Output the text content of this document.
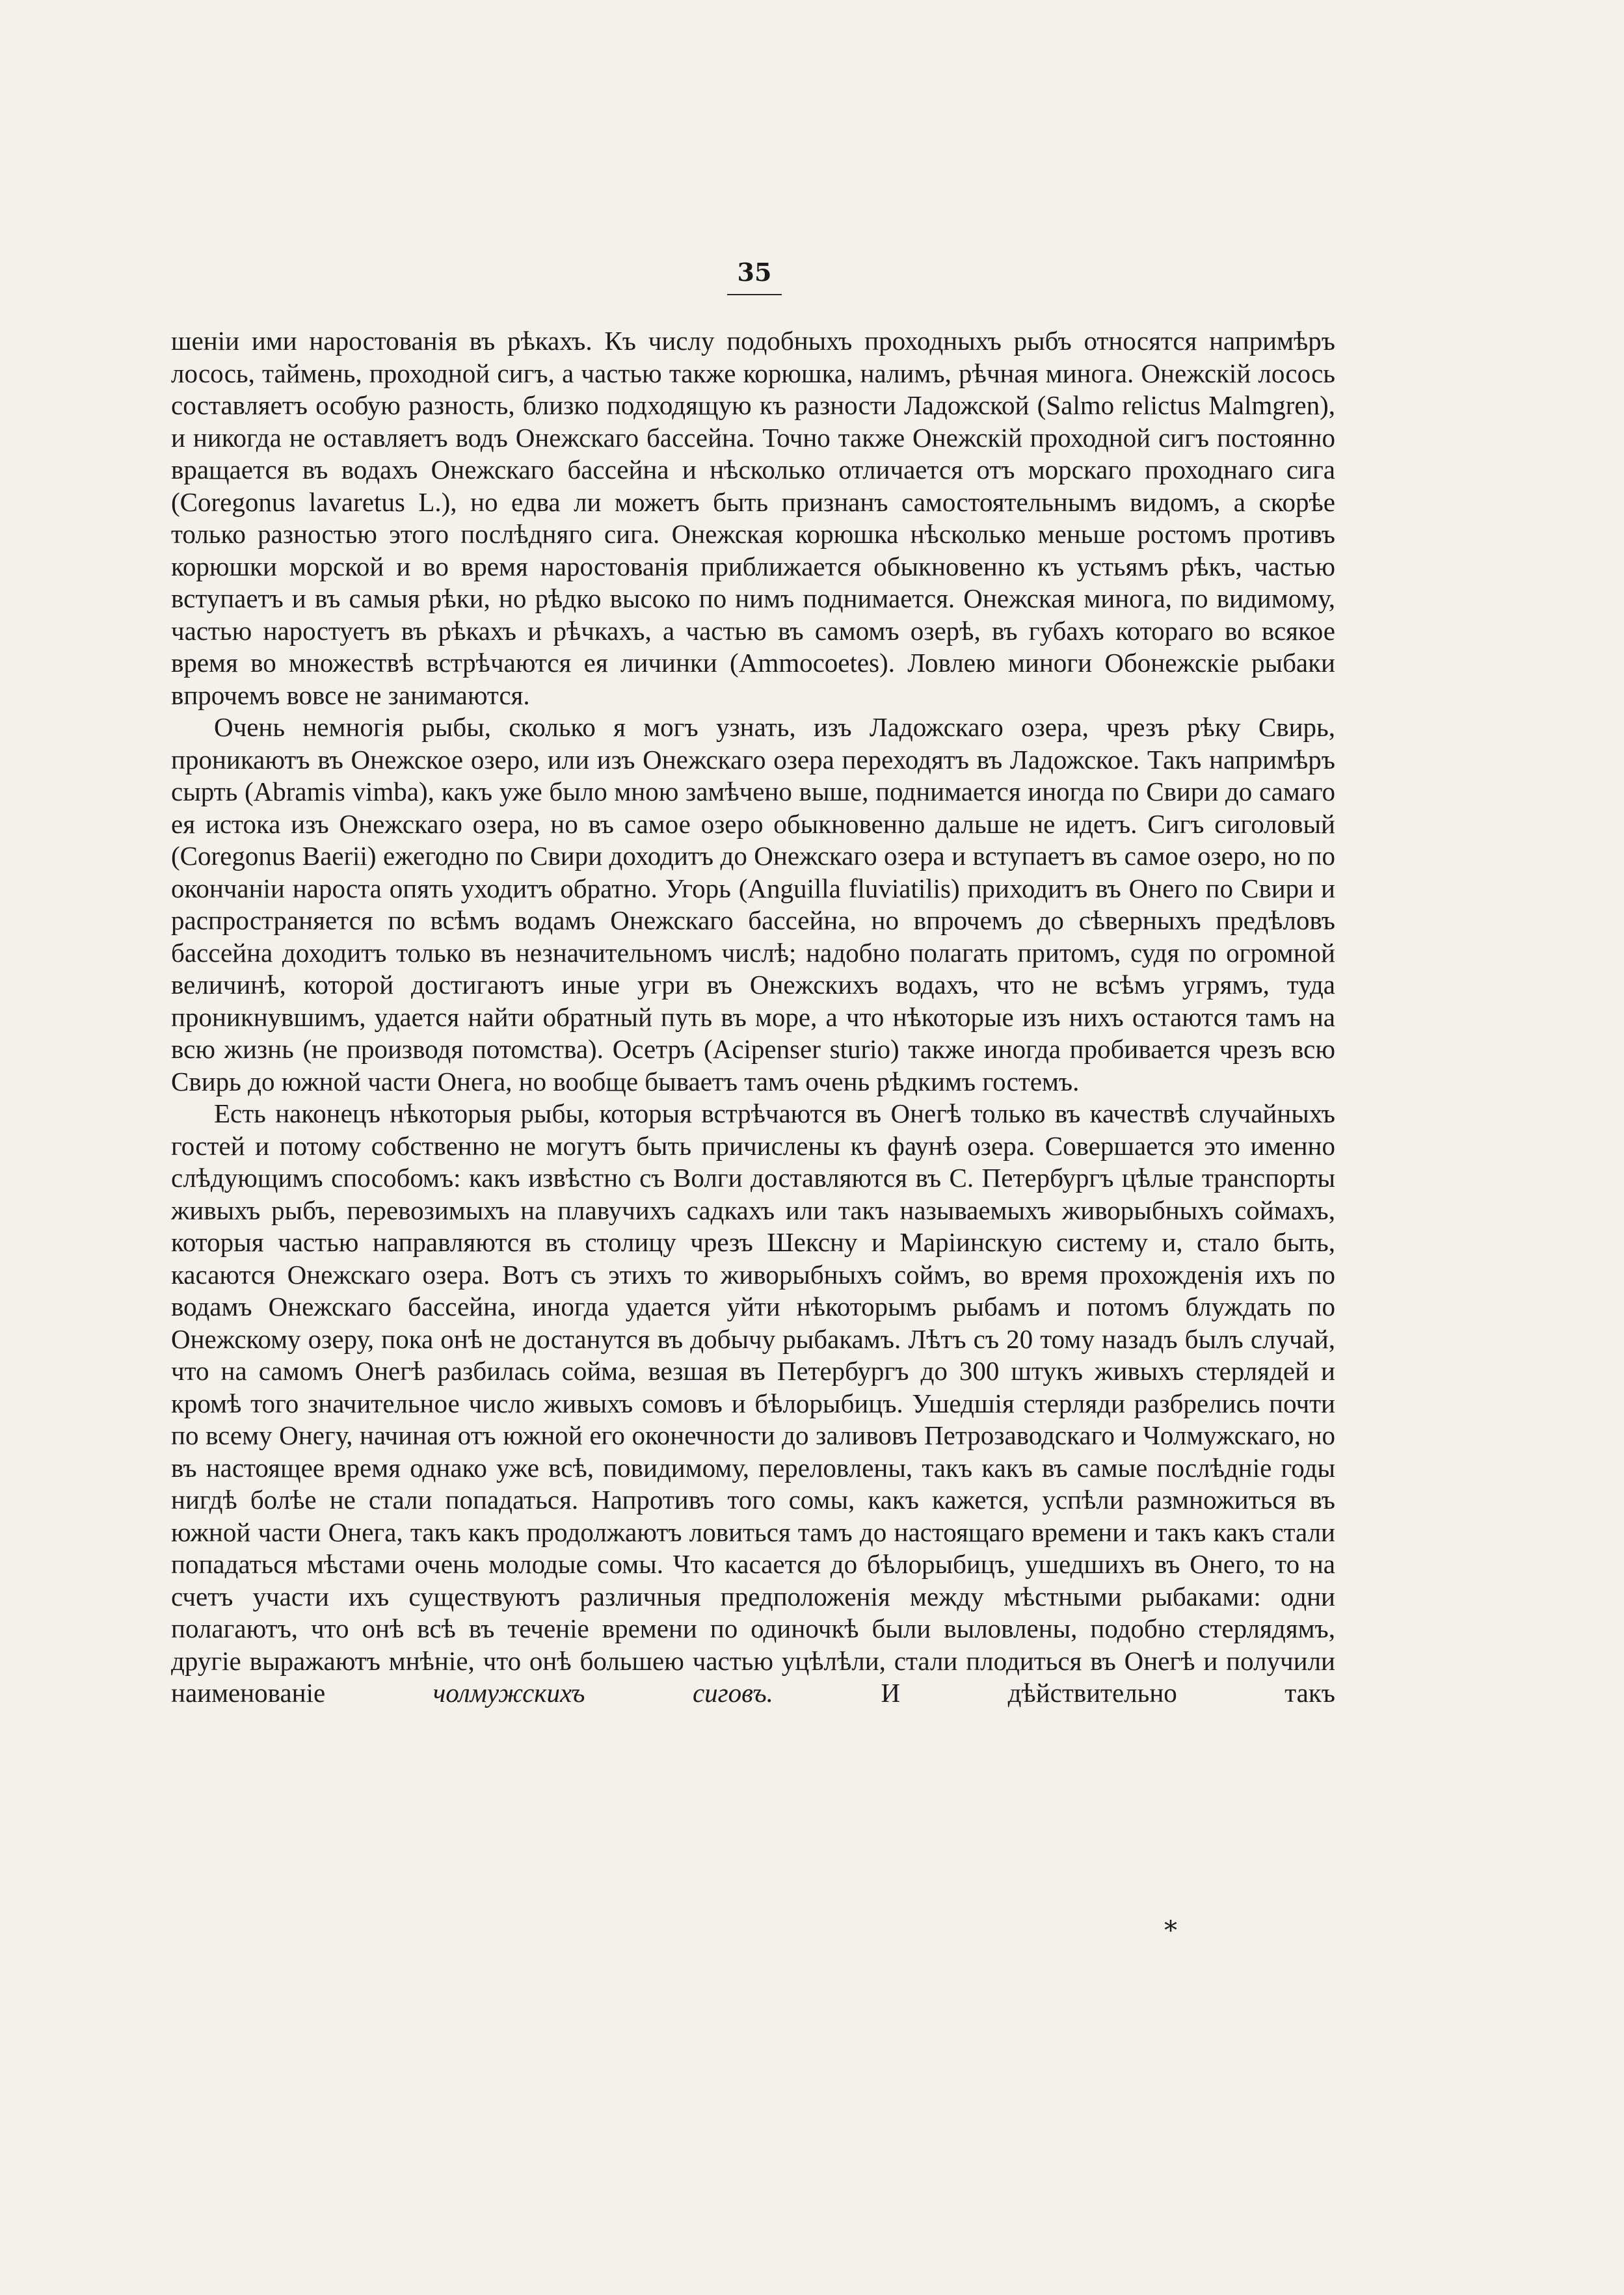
35

шеніи ими наростованія въ рѣкахъ. Къ числу подобныхъ проходныхъ рыбъ относятся напримѣръ лосось, таймень, проходной сигъ, а частью также корюшка, налимъ, рѣчная минога. Онежскій лосось составляетъ особую разность, близко подходящую къ разности Ладожской (Salmo relictus Malmgren), и никогда не оставляетъ водъ Онежскаго бассейна. Точно также Онежскій проходной сигъ постоянно вращается въ водахъ Онежскаго бассейна и нѣсколько отличается отъ морскаго проходнаго сига (Coregonus lavaretus L.), но едва ли можетъ быть признанъ самостоятельнымъ видомъ, а скорѣе только разностью этого послѣдняго сига. Онежская корюшка нѣсколько меньше ростомъ противъ корюшки морской и во время наростованія приближается обыкновенно къ устьямъ рѣкъ, частью вступаетъ и въ самыя рѣки, но рѣдко высоко по нимъ поднимается. Онежская минога, по видимому, частью наростуетъ въ рѣкахъ и рѣчкахъ, а частью въ самомъ озерѣ, въ губахъ котораго во всякое время во множествѣ встрѣчаются ея личинки (Ammocoetes). Ловлею миноги Обонежскіе рыбаки впрочемъ вовсе не занимаются.

Очень немногія рыбы, сколько я могъ узнать, изъ Ладожскаго озера, чрезъ рѣку Свирь, проникаютъ въ Онежское озеро, или изъ Онежскаго озера переходятъ въ Ладожское. Такъ напримѣръ сырть (Abramis vimba), какъ уже было мною замѣчено выше, поднимается иногда по Свири до самаго ея истока изъ Онежскаго озера, но въ самое озеро обыкновенно дальше не идетъ. Сигъ сиголовый (Coregonus Baerii) ежегодно по Свири доходитъ до Онежскаго озера и вступаетъ въ самое озеро, но по окончаніи нароста опять уходитъ обратно. Угорь (Anguilla fluviatilis) приходитъ въ Онего по Свири и распространяется по всѣмъ водамъ Онежскаго бассейна, но впрочемъ до сѣверныхъ предѣловъ бассейна доходитъ только въ незначительномъ числѣ; надобно полагать притомъ, судя по огромной величинѣ, которой достигаютъ иные угри въ Онежскихъ водахъ, что не всѣмъ угрямъ, туда проникнувшимъ, удается найти обратный путь въ море, а что нѣкоторые изъ нихъ остаются тамъ на всю жизнь (не производя потомства). Осетръ (Acipenser sturio) также иногда пробивается чрезъ всю Свирь до южной части Онега, но вообще бываетъ тамъ очень рѣдкимъ гостемъ.

Есть наконецъ нѣкоторыя рыбы, которыя встрѣчаются въ Онегѣ только въ качествѣ случайныхъ гостей и потому собственно не могутъ быть причислены къ фаунѣ озера. Совершается это именно слѣдующимъ способомъ: какъ извѣстно съ Волги доставляются въ С. Петербургъ цѣлые транспорты живыхъ рыбъ, перевозимыхъ на плавучихъ садкахъ или такъ называемыхъ живорыбныхъ соймахъ, которыя частью направляются въ столицу чрезъ Шексну и Маріинскую систему и, стало быть, касаются Онежскаго озера. Вотъ съ этихъ то живорыбныхъ соймъ, во время прохожденія ихъ по водамъ Онежскаго бассейна, иногда удается уйти нѣкоторымъ рыбамъ и потомъ блуждать по Онежскому озеру, пока онѣ не достанутся въ добычу рыбакамъ. Лѣтъ съ 20 тому назадъ былъ случай, что на самомъ Онегѣ разбилась сойма, везшая въ Петербургъ до 300 штукъ живыхъ стерлядей и кромѣ того значительное число живыхъ сомовъ и бѣлорыбицъ. Ушедшія стерляди разбрелись почти по всему Онегу, начиная отъ южной его оконечности до заливовъ Петрозаводскаго и Чолмужскаго, но въ настоящее время однако уже всѣ, повидимому, переловлены, такъ какъ въ самые послѣдніе годы нигдѣ болѣе не стали попадаться. Напротивъ того сомы, какъ кажется, успѣли размножиться въ южной части Онега, такъ какъ продолжаютъ ловиться тамъ до настоящаго времени и такъ какъ стали попадаться мѣстами очень молодые сомы. Что касается до бѣлорыбицъ, ушедшихъ въ Онего, то на счетъ участи ихъ существуютъ различныя предположенія между мѣстными рыбаками: одни полагаютъ, что онѣ всѣ въ теченіе времени по одиночкѣ были выловлены, подобно стерлядямъ, другіе выражаютъ мнѣніе, что онѣ большею частью уцѣлѣли, стали плодиться въ Онегѣ и получили наименованіе	чолмужскихъ сиговъ.	И дѣйствительно такъ

*
